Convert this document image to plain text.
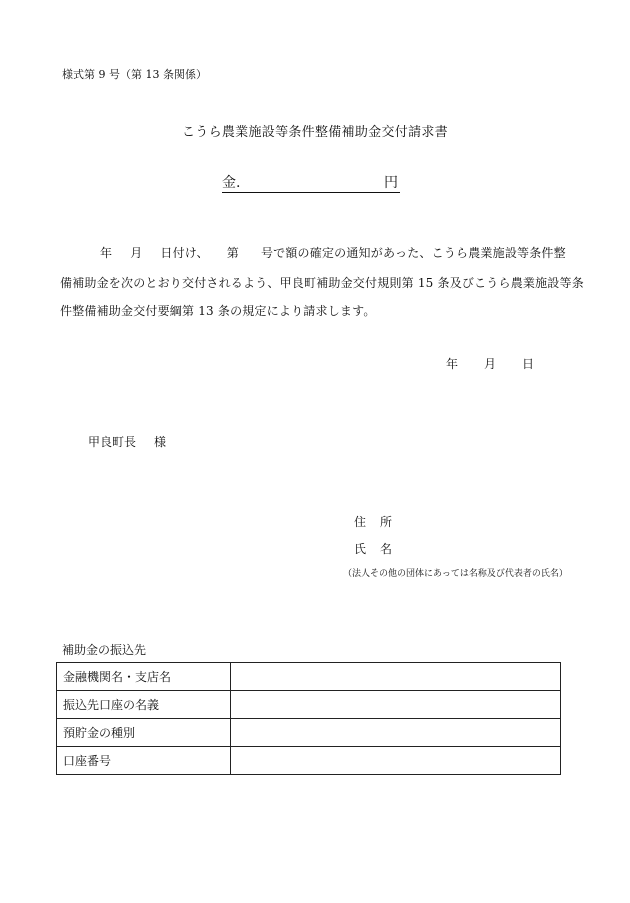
様式第 9 号（第 13 条関係）
こうら農業施設等条件整備補助金交付請求書
金.	円
年 月 日付け、 第 号で額の確定の通知があった、こうら農業施設等条件整
備補助金を次のとおり交付されるよう、甲良町補助金交付規則第 15 条及びこうら農業施設等条
件整備補助金交付要綱第 13 条の規定により請求します。
年 月 日
甲良町長 様
住 所
氏 名
（法人その他の団体にあっては名称及び代表者の氏名）
補助金の振込先
金融機関名・支店名	
振込先口座の名義	
預貯金の種別	
口座番号	
